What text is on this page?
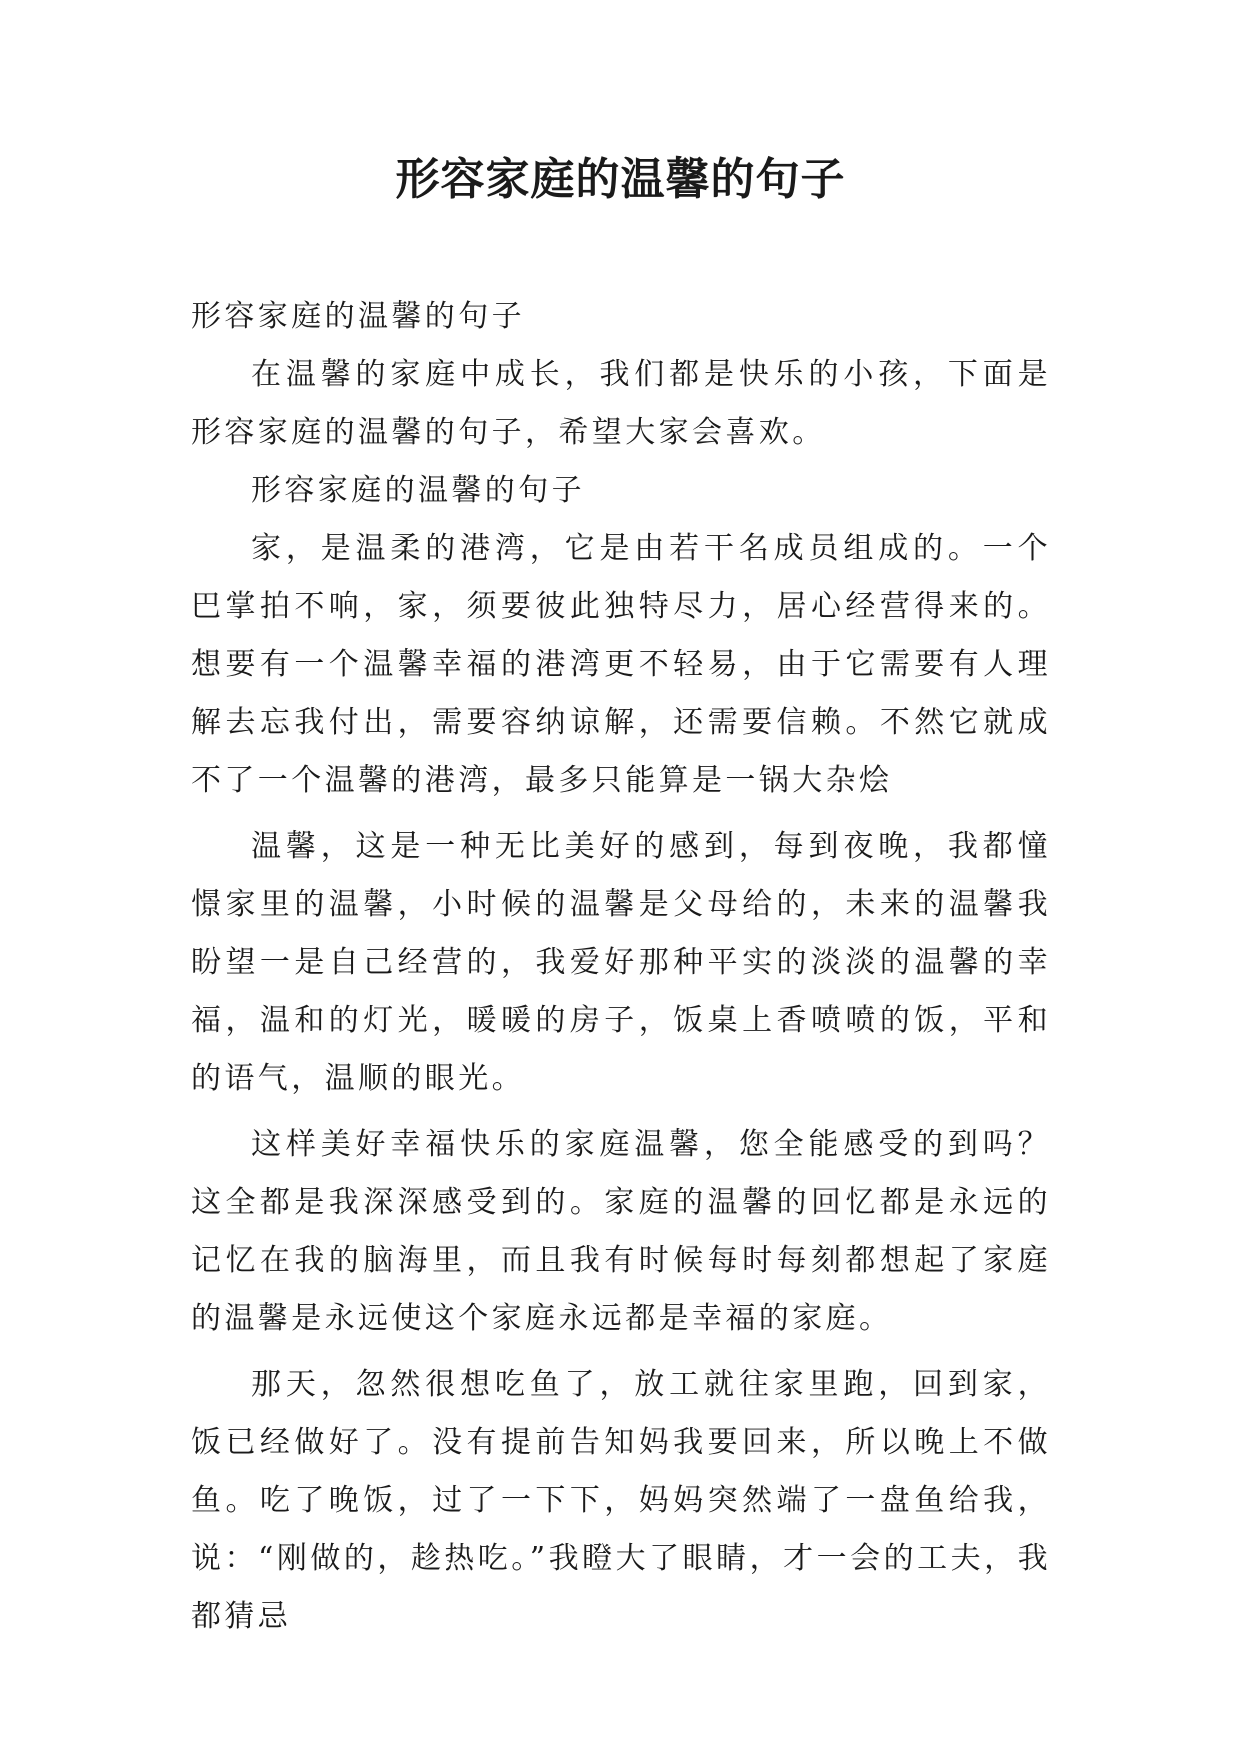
形容家庭的温馨的句子

形容家庭的温馨的句子

在温馨的家庭中成长，我们都是快乐的小孩，下面是形容家庭的温馨的句子，希望大家会喜欢。

形容家庭的温馨的句子

家，是温柔的港湾，它是由若干名成员组成的。一个巴掌拍不响，家，须要彼此独特尽力，居心经营得来的。想要有一个温馨幸福的港湾更不轻易，由于它需要有人理解去忘我付出，需要容纳谅解，还需要信赖。不然它就成不了一个温馨的港湾，最多只能算是一锅大杂烩

温馨，这是一种无比美好的感到，每到夜晚，我都憧憬家里的温馨，小时候的温馨是父母给的，未来的温馨我盼望一是自己经营的，我爱好那种平实的淡淡的温馨的幸福，温和的灯光，暖暖的房子，饭桌上香喷喷的饭，平和的语气，温顺的眼光。

这样美好幸福快乐的家庭温馨，您全能感受的到吗？这全都是我深深感受到的。家庭的温馨的回忆都是永远的记忆在我的脑海里，而且我有时候每时每刻都想起了家庭的温馨是永远使这个家庭永远都是幸福的家庭。

那天，忽然很想吃鱼了，放工就往家里跑，回到家，饭已经做好了。没有提前告知妈我要回来，所以晚上不做鱼。吃了晚饭，过了一下下，妈妈突然端了一盘鱼给我，说：“刚做的，趁热吃。”我瞪大了眼睛，才一会的工夫，我都猜忌
